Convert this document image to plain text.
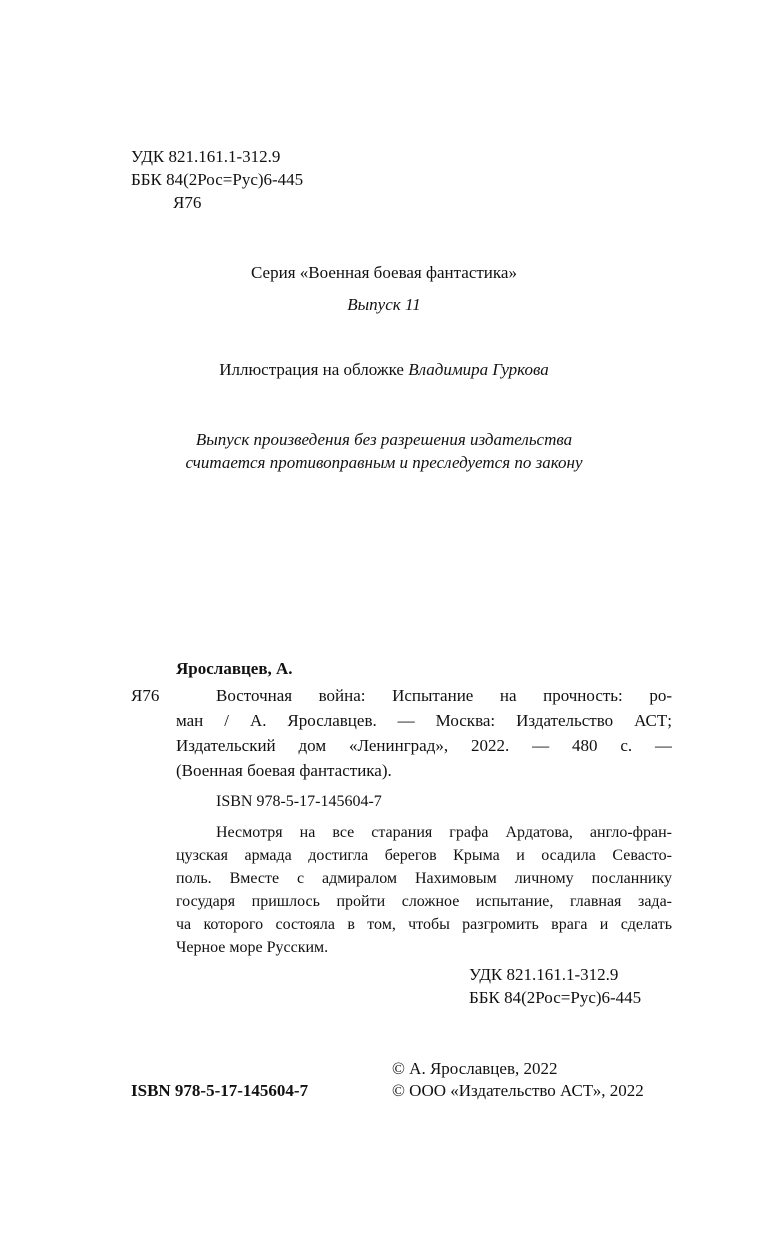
УДК 821.161.1-312.9
ББК 84(2Рос=Рус)6-445
Я76
Серия «Военная боевая фантастика»
Выпуск 11
Иллюстрация на обложке Владимира Гуркова
Выпуск произведения без разрешения издательства
считается противоправным и преследуется по закону
Ярославцев, А.
Я76	Восточная война: Испытание на прочность: ро-
ман / А. Ярославцев. — Москва: Издательство АСТ;
Издательский дом «Ленинград», 2022. — 480 с. —
(Военная боевая фантастика).
ISBN 978-5-17-145604-7
Несмотря на все старания графа Ардатова, англо-фран-
цузская армада достигла берегов Крыма и осадила Севасто-
поль. Вместе с адмиралом Нахимовым личному посланнику
государя пришлось пройти сложное испытание, главная зада-
ча которого состояла в том, чтобы разгромить врага и сделать
Черное море Русским.
УДК 821.161.1-312.9
ББК 84(2Рос=Рус)6-445
© А. Ярославцев, 2022
ISBN 978-5-17-145604-7	© ООО «Издательство АСТ», 2022
